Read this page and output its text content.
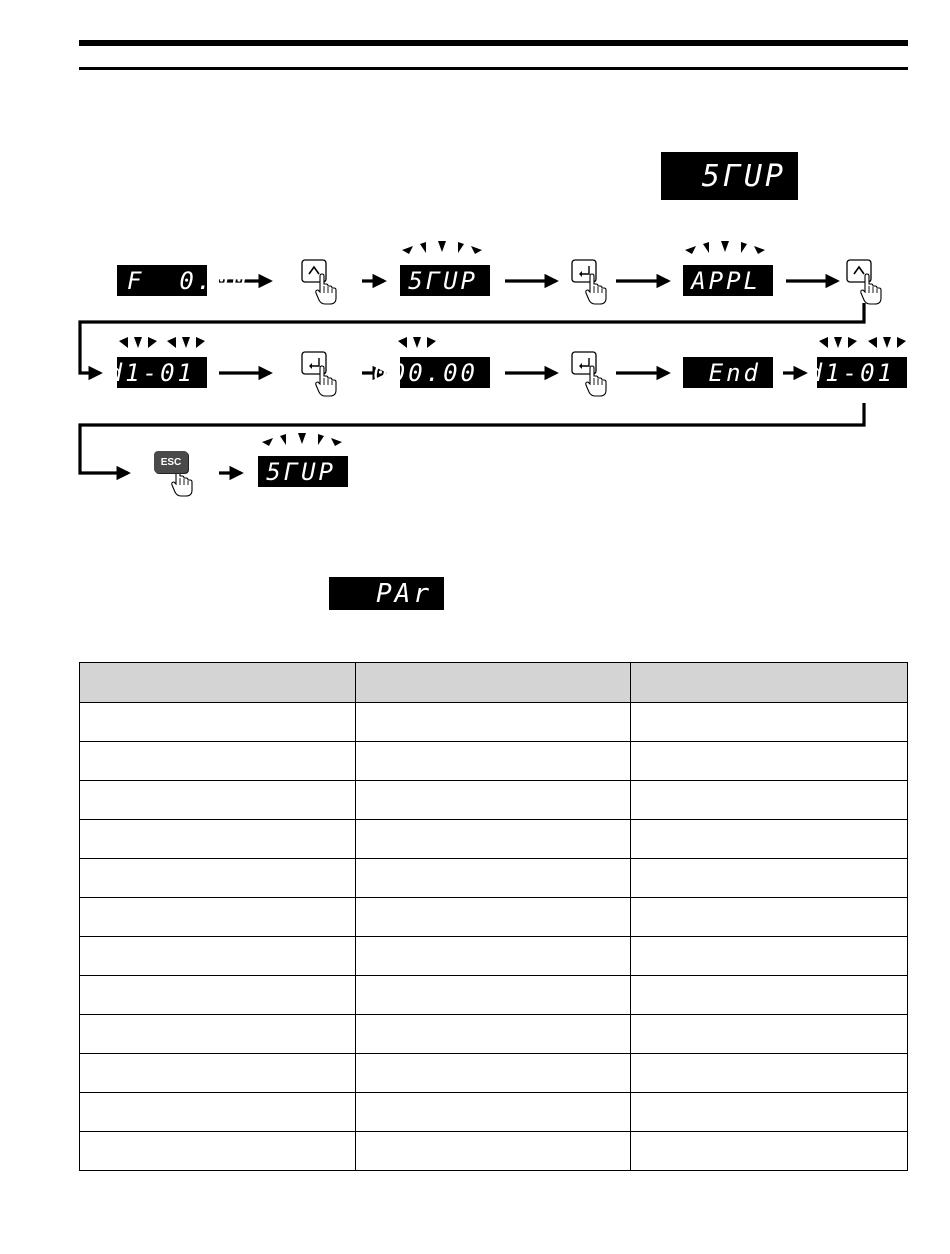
5ГUP
F  0.00	5ГUP	APPL
d1-01	000.00	End	d1-01
ESC	5ГUP
PAr
